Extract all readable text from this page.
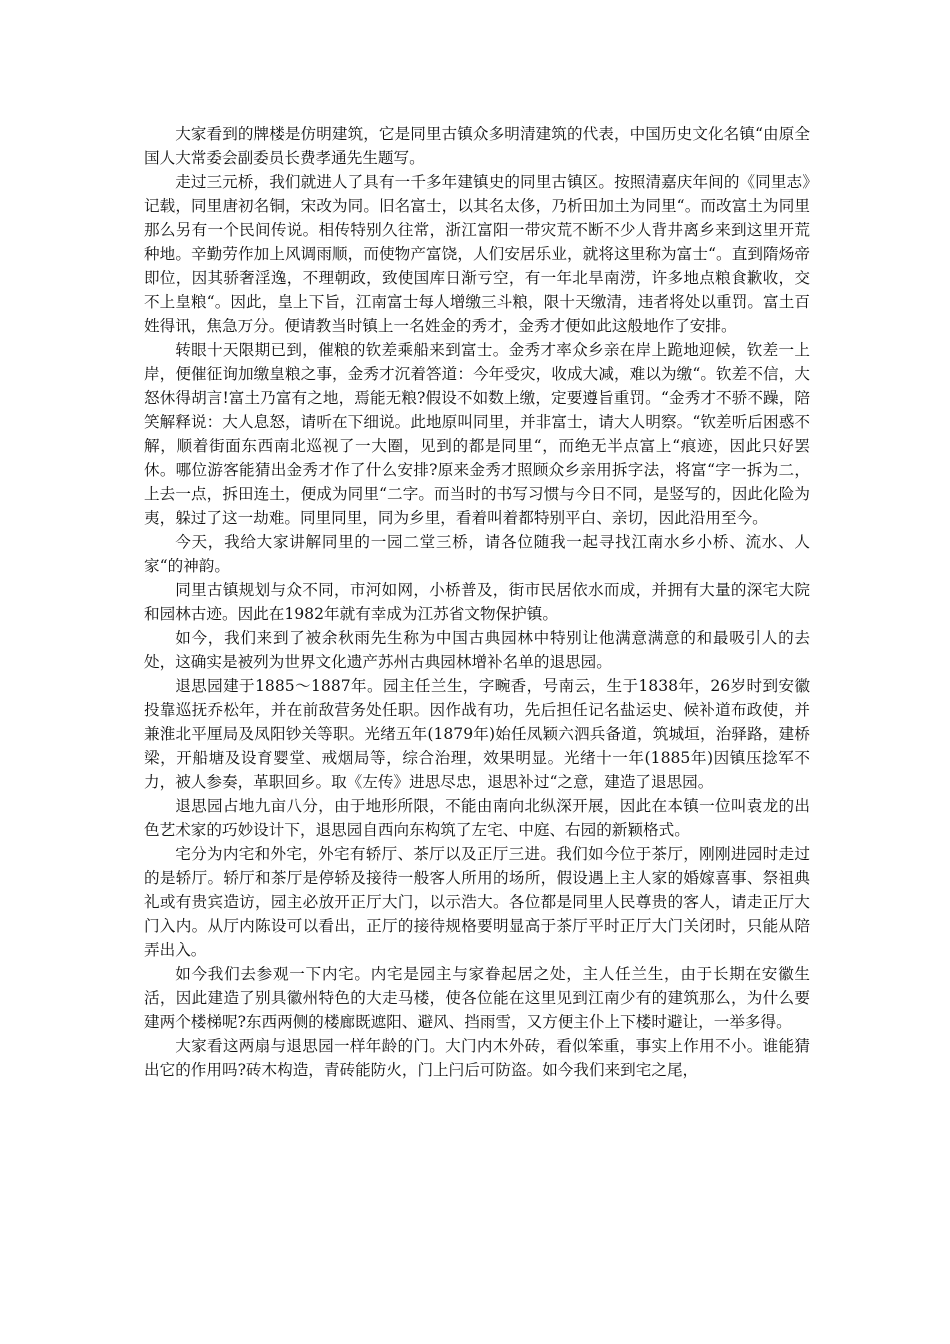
大家看到的牌楼是仿明建筑，它是同里古镇众多明清建筑的代表，中国历史文化名镇“由原全国人大常委会副委员长费孝通先生题写。

走过三元桥，我们就进人了具有一千多年建镇史的同里古镇区。按照清嘉庆年间的《同里志》记载，同里唐初名铜，宋改为同。旧名富士，以其名太侈，乃析田加土为同里“。而改富土为同里那么另有一个民间传说。相传特别久往常，浙江富阳一带灾荒不断不少人背井离乡来到这里开荒种地。辛勤劳作加上风调雨顺，而使物产富饶，人们安居乐业，就将这里称为富士“。直到隋炀帝即位，因其骄奢淫逸，不理朝政，致使国库日渐亏空，有一年北旱南涝，许多地点粮食歉收，交不上皇粮“。因此，皇上下旨，江南富士每人增缴三斗粮，限十天缴清，违者将处以重罚。富土百姓得讯，焦急万分。便请教当时镇上一名姓金的秀才，金秀才便如此这般地作了安排。

转眼十天限期已到，催粮的钦差乘船来到富士。金秀才率众乡亲在岸上跪地迎候，钦差一上岸，便催征询加缴皇粮之事，金秀才沉着答道：今年受灾，收成大减，难以为缴“。钦差不信，大怒休得胡言!富土乃富有之地，焉能无粮?假设不如数上缴，定要遵旨重罚。“金秀才不骄不躁，陪笑解释说：大人息怒，请听在下细说。此地原叫同里，并非富士，请大人明察。“钦差听后困惑不解，顺着街面东西南北巡视了一大圈，见到的都是同里“，而绝无半点富上“痕迹，因此只好罢休。哪位游客能猜出金秀才作了什么安排?原来金秀才照顾众乡亲用拆字法，将富“字一拆为二，上去一点，拆田连土，便成为同里“二字。而当时的书写习惯与今日不同，是竖写的，因此化险为夷，躲过了这一劫难。同里同里，同为乡里，看着叫着都特别平白、亲切，因此沿用至今。

今天，我给大家讲解同里的一园二堂三桥，请各位随我一起寻找江南水乡小桥、流水、人家“的神韵。

同里古镇规划与众不同，市河如网，小桥普及，街市民居依水而成，并拥有大量的深宅大院和园林古迹。因此在1982年就有幸成为江苏省文物保护镇。

如今，我们来到了被余秋雨先生称为中国古典园林中特别让他满意满意的和最吸引人的去处，这确实是被列为世界文化遗产苏州古典园林增补名单的退思园。

退思园建于1885～1887年。园主任兰生，字畹香，号南云，生于1838年，26岁时到安徽投靠巡抚乔松年，并在前敌营务处任职。因作战有功，先后担任记名盐运史、候补道布政使，并兼淮北平厘局及凤阳钞关等职。光绪五年(1879年)始任凤颖六泗兵备道，筑城垣，治驿路，建桥梁，开船塘及设育婴堂、戒烟局等，综合治理，效果明显。光绪十一年(1885年)因镇压捻军不力，被人参奏，革职回乡。取《左传》进思尽忠，退思补过“之意，建造了退思园。

退思园占地九亩八分，由于地形所限，不能由南向北纵深开展，因此在本镇一位叫袁龙的出色艺术家的巧妙设计下，退思园自西向东构筑了左宅、中庭、右园的新颖格式。

宅分为内宅和外宅，外宅有轿厅、茶厅以及正厅三进。我们如今位于茶厅，刚刚进园时走过的是轿厅。轿厅和茶厅是停轿及接待一般客人所用的场所，假设遇上主人家的婚嫁喜事、祭祖典礼或有贵宾造访，园主必放开正厅大门，以示浩大。各位都是同里人民尊贵的客人，请走正厅大门入内。从厅内陈设可以看出，正厅的接待规格要明显高于茶厅平时正厅大门关闭时，只能从陪弄出入。

如今我们去参观一下内宅。内宅是园主与家眷起居之处，主人任兰生，由于长期在安徽生活，因此建造了别具徽州特色的大走马楼，使各位能在这里见到江南少有的建筑那么，为什么要建两个楼梯呢?东西两侧的楼廊既遮阳、避风、挡雨雪，又方便主仆上下楼时避让，一举多得。

大家看这两扇与退思园一样年龄的门。大门内木外砖，看似笨重，事实上作用不小。谁能猜出它的作用吗?砖木构造，青砖能防火，门上闩后可防盗。如今我们来到宅之尾，
